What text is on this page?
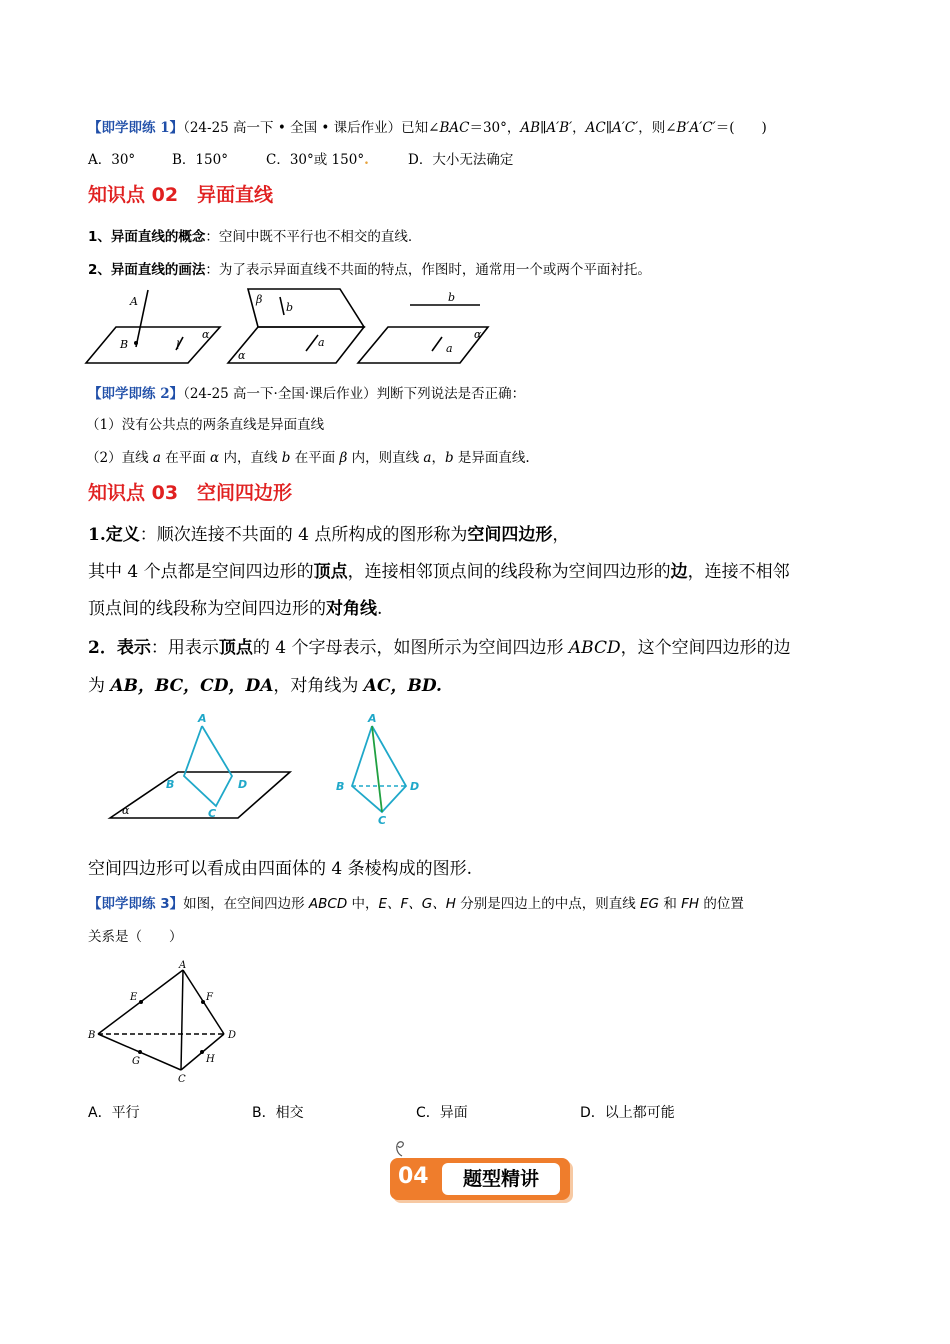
【即学即练 1】（24-25 高一下 • 全国 • 课后作业）已知∠BAC＝30°，AB∥A′B′，AC∥A′C′，则∠B′A′C′＝(　　)
A．30°	B．150°	C．30°或 150°.	D．大小无法确定
知识点 02　异面直线
1、异面直线的概念：空间中既不平行也不相交的直线.
2、异面直线的画法：为了表示异面直线不共面的特点，作图时，通常用一个或两个平面衬托。
A
B	l
α
β
b
a
α
b
a
α
【即学即练 2】（24-25 高一下·全国·课后作业）判断下列说法是否正确：
（1）没有公共点的两条直线是异面直线
（2）直线 a 在平面 α 内，直线 b 在平面 β 内，则直线 a，b 是异面直线.
知识点 03　空间四边形
1.定义：顺次连接不共面的 4 点所构成的图形称为空间四边形，
其中 4 个点都是空间四边形的顶点，连接相邻顶点间的线段称为空间四边形的边，连接不相邻
顶点间的线段称为空间四边形的对角线.
2．表示：用表示顶点的 4 个字母表示，如图所示为空间四边形 ABCD，这个空间四边形的边
为 AB，BC，CD，DA，对角线为 AC，BD.
A
B
C
D
α
A
B
C
D
空间四边形可以看成由四面体的 4 条棱构成的图形.
【即学即练 3】如图，在空间四边形 ABCD 中，E、F、G、H 分别是四边上的中点，则直线 EG 和 FH 的位置
关系是（　　）
A
B
C
D
E	F
G	H
A．平行	B．相交	C．异面	D．以上都可能
04	题型精讲
